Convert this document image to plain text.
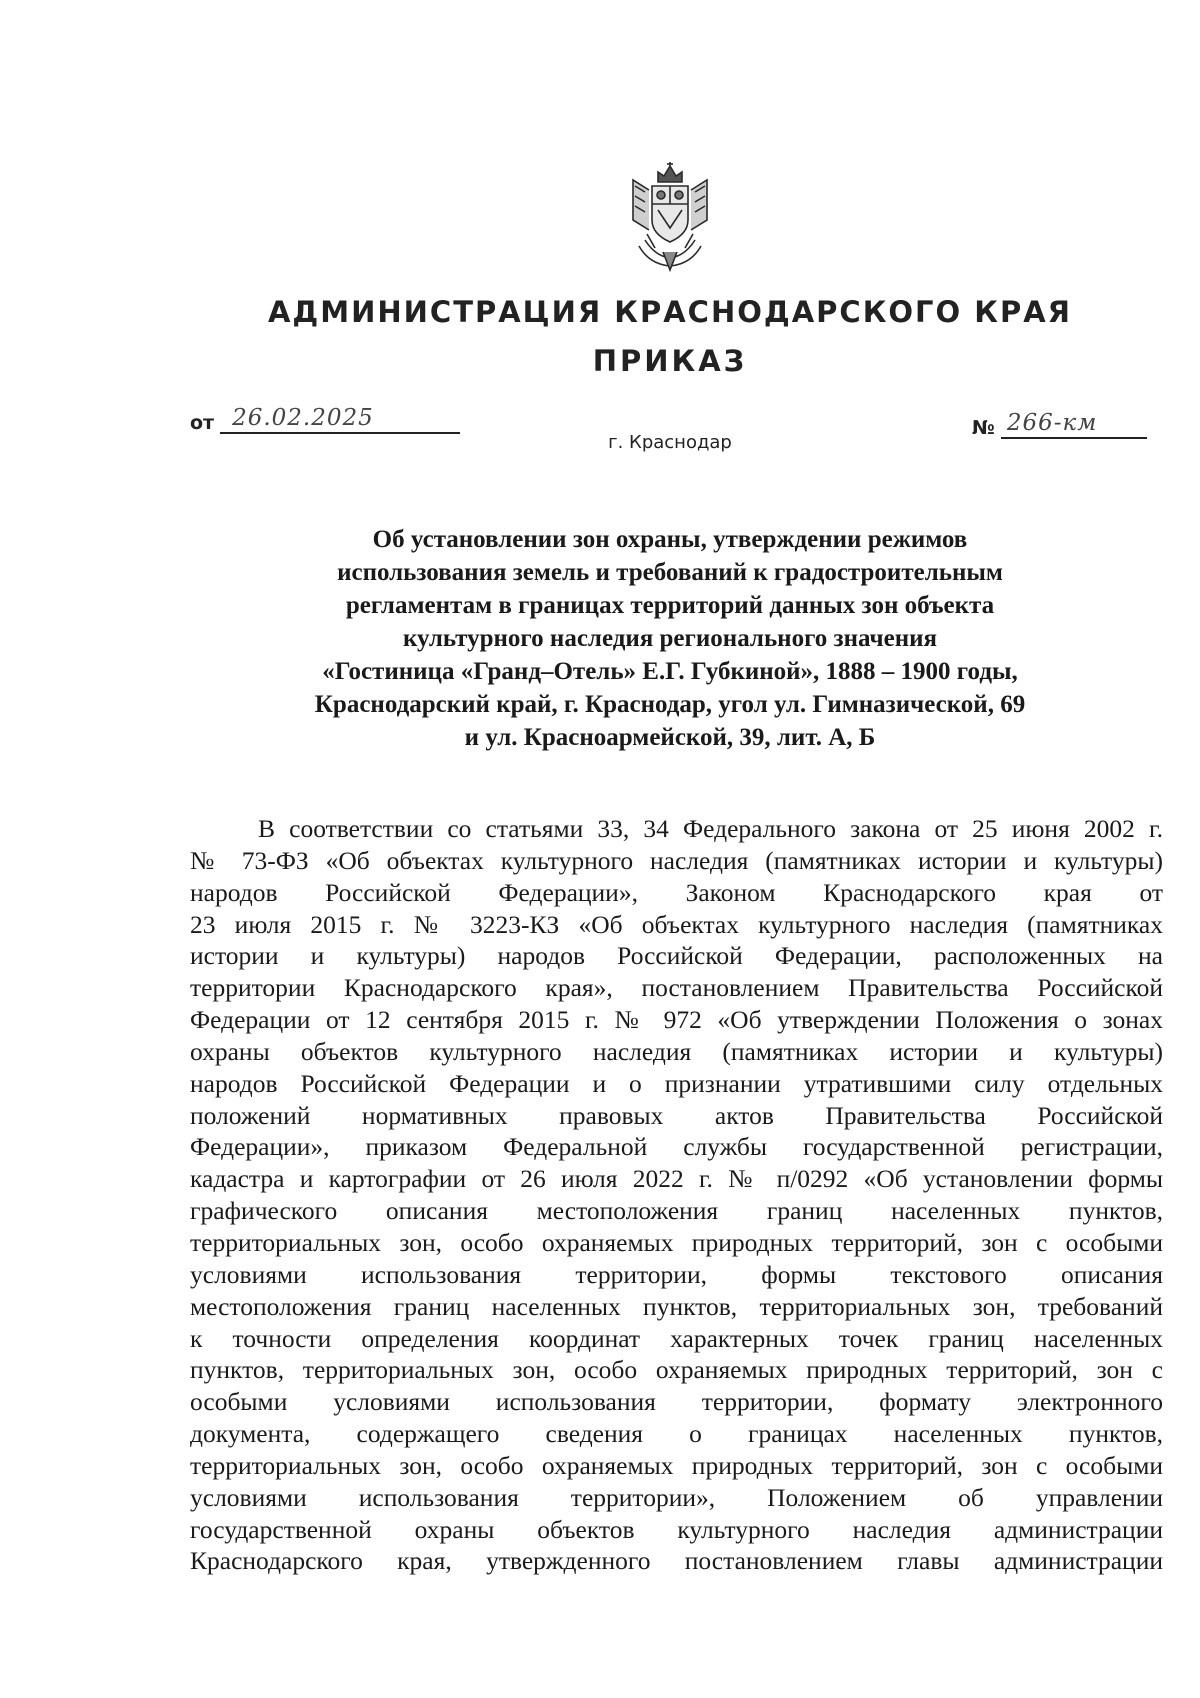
АДМИНИСТРАЦИЯ КРАСНОДАРСКОГО КРАЯ
ПРИКАЗ
от 26.02.2025	№ 266-км
г. Краснодар
Об установлении зон охраны, утверждении режимов
использования земель и требований к градостроительным
регламентам в границах территорий данных зон объекта
культурного наследия регионального значения
«Гостиница «Гранд–Отель» Е.Г. Губкиной», 1888 – 1900 годы,
Краснодарский край, г. Краснодар, угол ул. Гимназической, 69
и ул. Красноармейской, 39, лит. А, Б
В соответствии со статьями 33, 34 Федерального закона от 25 июня 2002 г.
№ 73-ФЗ «Об объектах культурного наследия (памятниках истории и культуры)
народов Российской Федерации», Законом Краснодарского края от
23 июля 2015 г. № 3223-КЗ «Об объектах культурного наследия (памятниках
истории и культуры) народов Российской Федерации, расположенных на
территории Краснодарского края», постановлением Правительства Российской
Федерации от 12 сентября 2015 г. № 972 «Об утверждении Положения о зонах
охраны объектов культурного наследия (памятниках истории и культуры)
народов Российской Федерации и о признании утратившими силу отдельных
положений нормативных правовых актов Правительства Российской
Федерации», приказом Федеральной службы государственной регистрации,
кадастра и картографии от 26 июля 2022 г. № п/0292 «Об установлении формы
графического описания местоположения границ населенных пунктов,
территориальных зон, особо охраняемых природных территорий, зон с особыми
условиями использования территории, формы текстового описания
местоположения границ населенных пунктов, территориальных зон, требований
к точности определения координат характерных точек границ населенных
пунктов, территориальных зон, особо охраняемых природных территорий, зон с
особыми условиями использования территории, формату электронного
документа, содержащего сведения о границах населенных пунктов,
территориальных зон, особо охраняемых природных территорий, зон с особыми
условиями использования территории», Положением об управлении
государственной охраны объектов культурного наследия администрации
Краснодарского края, утвержденного постановлением главы администрации
